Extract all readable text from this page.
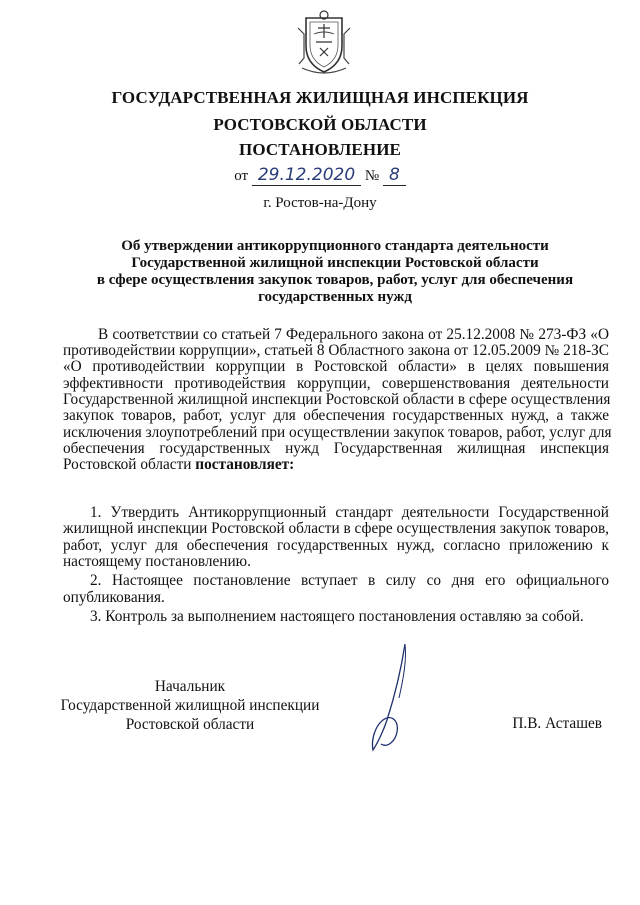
ГОСУДАРСТВЕННАЯ ЖИЛИЩНАЯ ИНСПЕКЦИЯ
РОСТОВСКОЙ ОБЛАСТИ
ПОСТАНОВЛЕНИЕ
от 29.12.2020 № 8
г. Ростов-на-Дону
Об утверждении антикоррупционного стандарта деятельности
Государственной жилищной инспекции Ростовской области
в сфере осуществления закупок товаров, работ, услуг для обеспечения
государственных нужд
В соответствии со статьей 7 Федерального закона от 25.12.2008 № 273-ФЗ «О
противодействии коррупции», статьей 8 Областного закона от 12.05.2009 № 218-ЗС
«О противодействии коррупции в Ростовской области» в целях повышения
эффективности противодействия коррупции, совершенствования деятельности
Государственной жилищной инспекции Ростовской области в сфере осуществления
закупок товаров, работ, услуг для обеспечения государственных нужд, а также
исключения злоупотреблений при осуществлении закупок товаров, работ, услуг для
обеспечения государственных нужд Государственная жилищная инспекция
Ростовской области постановляет:
1. Утвердить Антикоррупционный стандарт деятельности Государственной
жилищной инспекции Ростовской области в сфере осуществления закупок товаров,
работ, услуг для обеспечения государственных нужд, согласно приложению к
настоящему постановлению.
2. Настоящее постановление вступает в силу со дня его официального
опубликования.
3. Контроль за выполнением настоящего постановления оставляю за собой.
Начальник
Государственной жилищной инспекции
Ростовской области	П.В. Асташев
